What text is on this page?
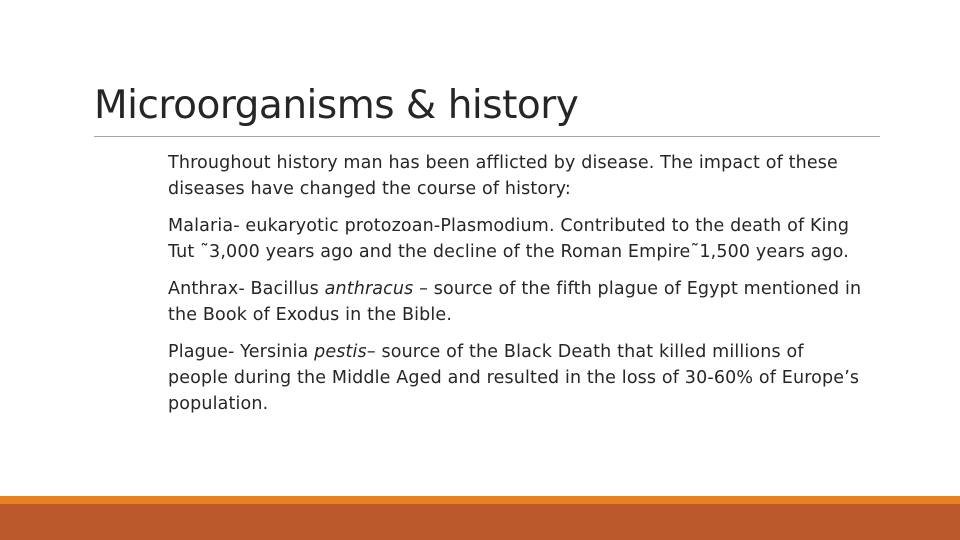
Microorganisms & history

Throughout history man has been afflicted by disease. The impact of these diseases have changed the course of history:

Malaria- eukaryotic protozoan-Plasmodium. Contributed to the death of King Tut ˜3,000 years ago and the decline of the Roman Empire˜1,500 years ago.

Anthrax- Bacillus anthracus – source of the fifth plague of Egypt mentioned in the Book of Exodus in the Bible.

Plague- Yersinia pestis– source of the Black Death that killed millions of people during the Middle Aged and resulted in the loss of 30-60% of Europe’s population.
